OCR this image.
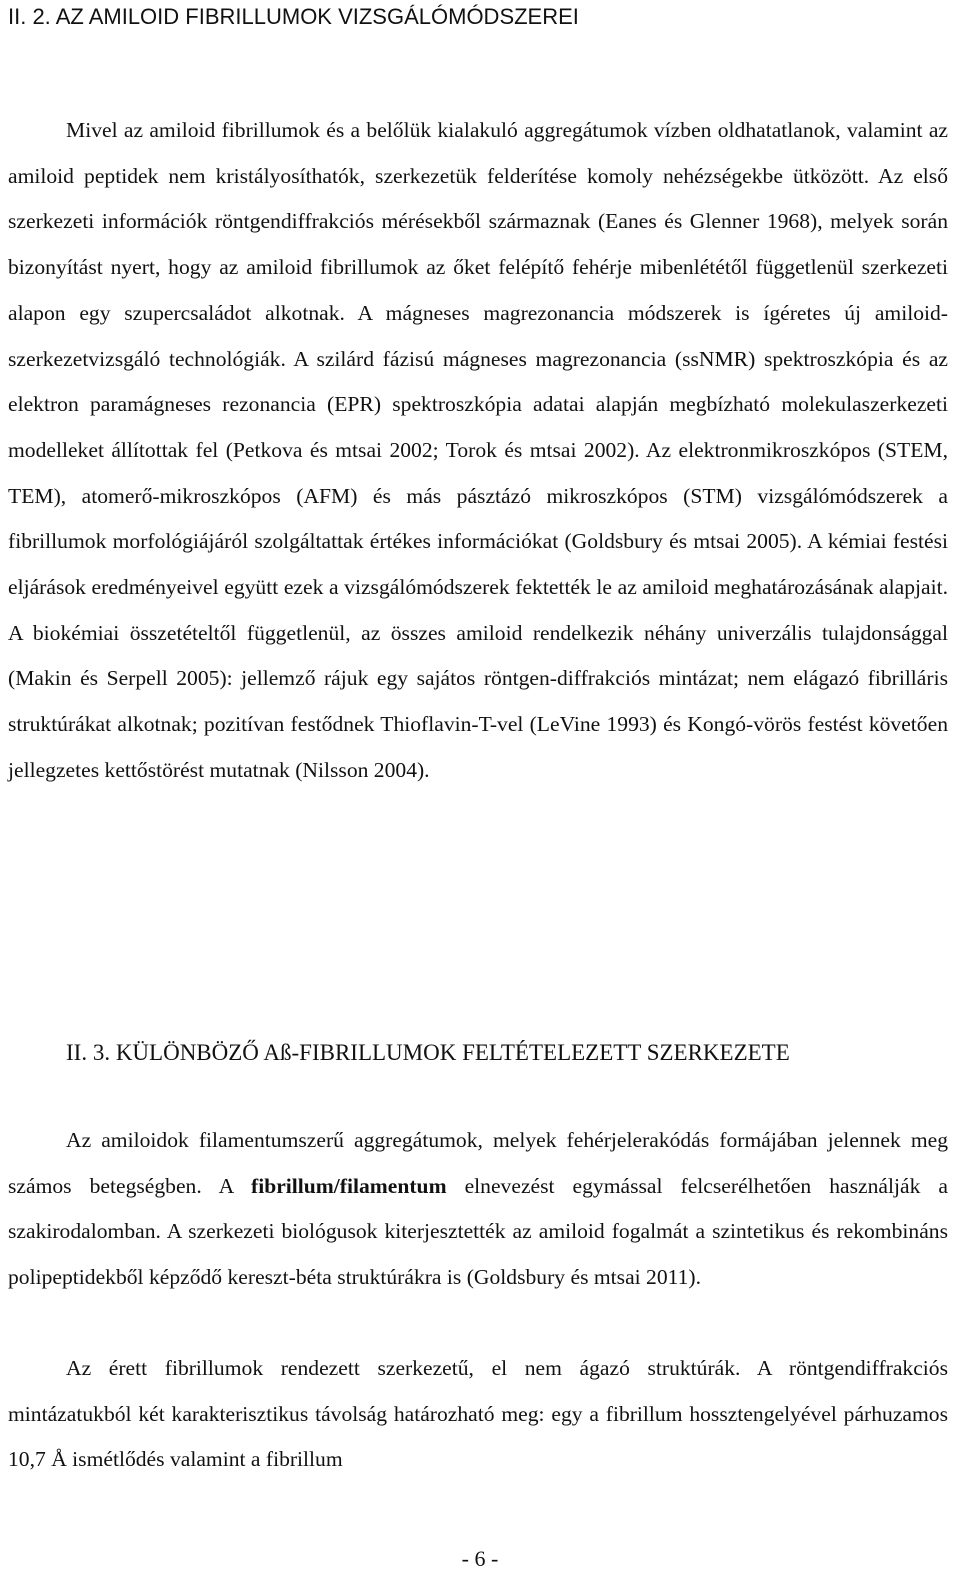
II. 2. AZ AMILOID FIBRILLUMOK VIZSGÁLÓMÓDSZEREI

Mivel az amiloid fibrillumok és a belőlük kialakuló aggregátumok vízben oldhatatlanok, valamint az amiloid peptidek nem kristályosíthatók, szerkezetük felderítése komoly nehézségekbe ütközött. Az első szerkezeti információk röntgendiffrakciós mérésekből származnak (Eanes és Glenner 1968), melyek során bizonyítást nyert, hogy az amiloid fibrillumok az őket felépítő fehérje mibenlététől függetlenül szerkezeti alapon egy szupercsaládot alkotnak. A mágneses magrezonancia módszerek is ígéretes új amiloid-szerkezetvizsgáló technológiák. A szilárd fázisú mágneses magrezonancia (ssNMR) spektroszkópia és az elektron paramágneses rezonancia (EPR) spektroszkópia adatai alapján megbízható molekulaszerkezeti modelleket állítottak fel (Petkova és mtsai 2002; Torok és mtsai 2002). Az elektronmikroszkópos (STEM, TEM), atomerő-mikroszkópos (AFM) és más pásztázó mikroszkópos (STM) vizsgálómódszerek a fibrillumok morfológiájáról szolgáltattak értékes információkat (Goldsbury és mtsai 2005). A kémiai festési eljárások eredményeivel együtt ezek a vizsgálómódszerek fektették le az amiloid meghatározásának alapjait. A biokémiai összetételtől függetlenül, az összes amiloid rendelkezik néhány univerzális tulajdonsággal (Makin és Serpell 2005): jellemző rájuk egy sajátos röntgen-diffrakciós mintázat; nem elágazó fibrilláris struktúrákat alkotnak; pozitívan festődnek Thioflavin-T-vel (LeVine 1993) és Kongó-vörös festést követően jellegzetes kettőstörést mutatnak (Nilsson 2004).

II. 3. KÜLÖNBÖZŐ Aß-FIBRILLUMOK FELTÉTELEZETT SZERKEZETE

Az amiloidok filamentumszerű aggregátumok, melyek fehérjelerakódás formájában jelennek meg számos betegségben. A fibrillum/filamentum elnevezést egymással felcserélhetően használják a szakirodalomban. A szerkezeti biológusok kiterjesztették az amiloid fogalmát a szintetikus és rekombináns polipeptidekből képződő kereszt-béta struktúrákra is (Goldsbury és mtsai 2011).

Az érett fibrillumok rendezett szerkezetű, el nem ágazó struktúrák. A röntgendiffrakciós mintázatukból két karakterisztikus távolság határozható meg: egy a fibrillum hossztengelyével párhuzamos 10,7 Å ismétlődés valamint a fibrillum

- 6 -
